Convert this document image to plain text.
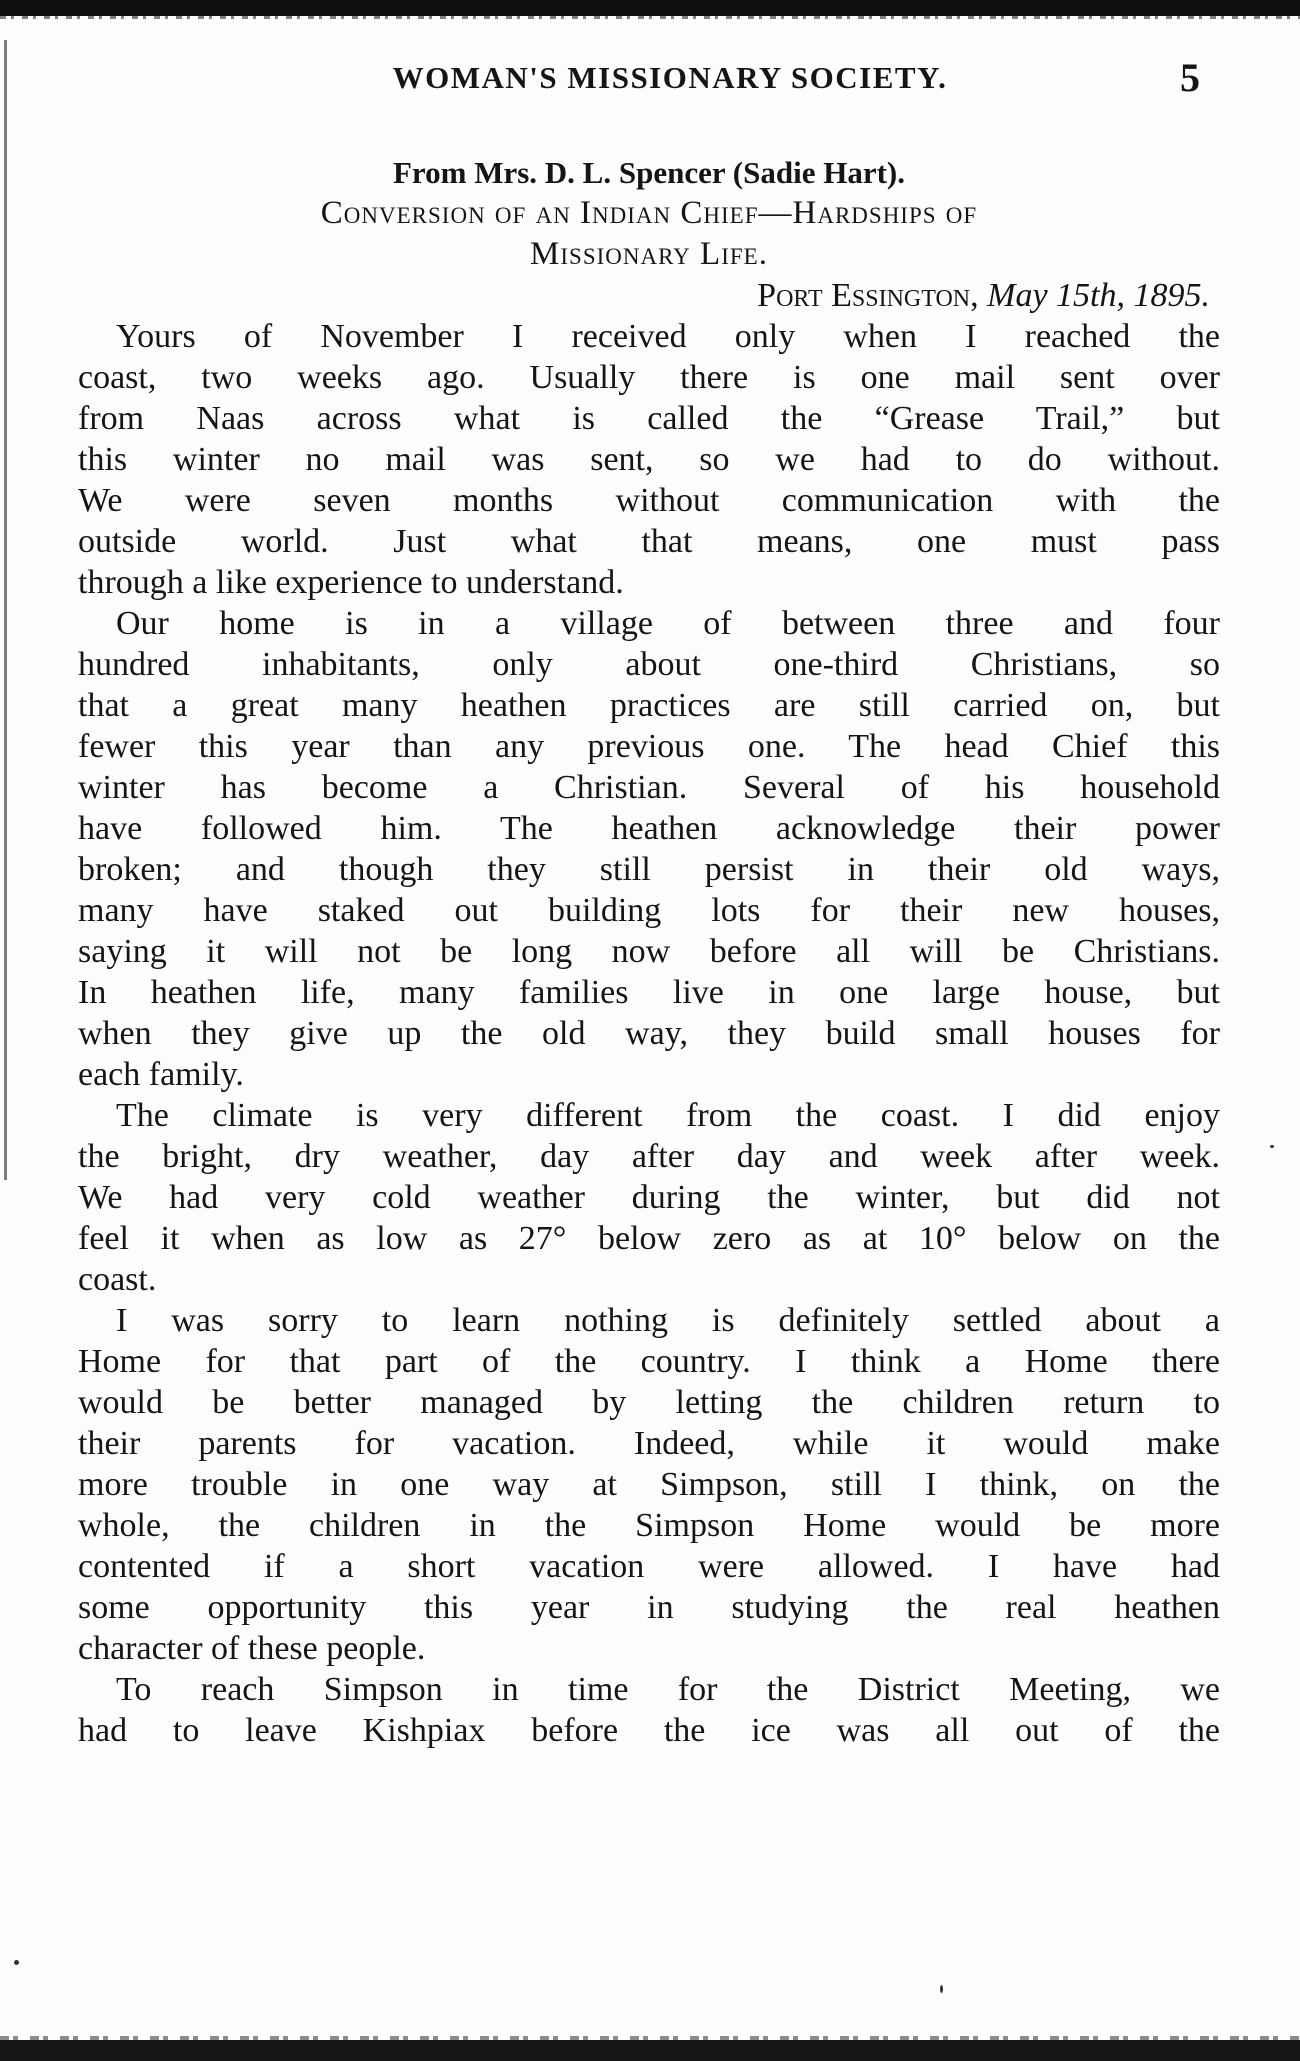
WOMAN'S MISSIONARY SOCIETY.	5
From Mrs. D. L. Spencer (Sadie Hart).
Conversion of an Indian Chief—Hardships of
Missionary Life.
Port Essington, May 15th, 1895.
Yours of November I received only when I reached the
coast, two weeks ago. Usually there is one mail sent over
from Naas across what is called the “Grease Trail,” but
this winter no mail was sent, so we had to do without.
We were seven months without communication with the
outside world. Just what that means, one must pass
through a like experience to understand.
Our home is in a village of between three and four
hundred inhabitants, only about one-third Christians, so
that a great many heathen practices are still carried on, but
fewer this year than any previous one. The head Chief this
winter has become a Christian. Several of his household
have followed him. The heathen acknowledge their power
broken; and though they still persist in their old ways,
many have staked out building lots for their new houses,
saying it will not be long now before all will be Christians.
In heathen life, many families live in one large house, but
when they give up the old way, they build small houses for
each family.
The climate is very different from the coast. I did enjoy
the bright, dry weather, day after day and week after week.
We had very cold weather during the winter, but did not
feel it when as low as 27° below zero as at 10° below on the
coast.
I was sorry to learn nothing is definitely settled about a
Home for that part of the country. I think a Home there
would be better managed by letting the children return to
their parents for vacation. Indeed, while it would make
more trouble in one way at Simpson, still I think, on the
whole, the children in the Simpson Home would be more
contented if a short vacation were allowed. I have had
some opportunity this year in studying the real heathen
character of these people.
To reach Simpson in time for the District Meeting, we
had to leave Kishpiax before the ice was all out of the
